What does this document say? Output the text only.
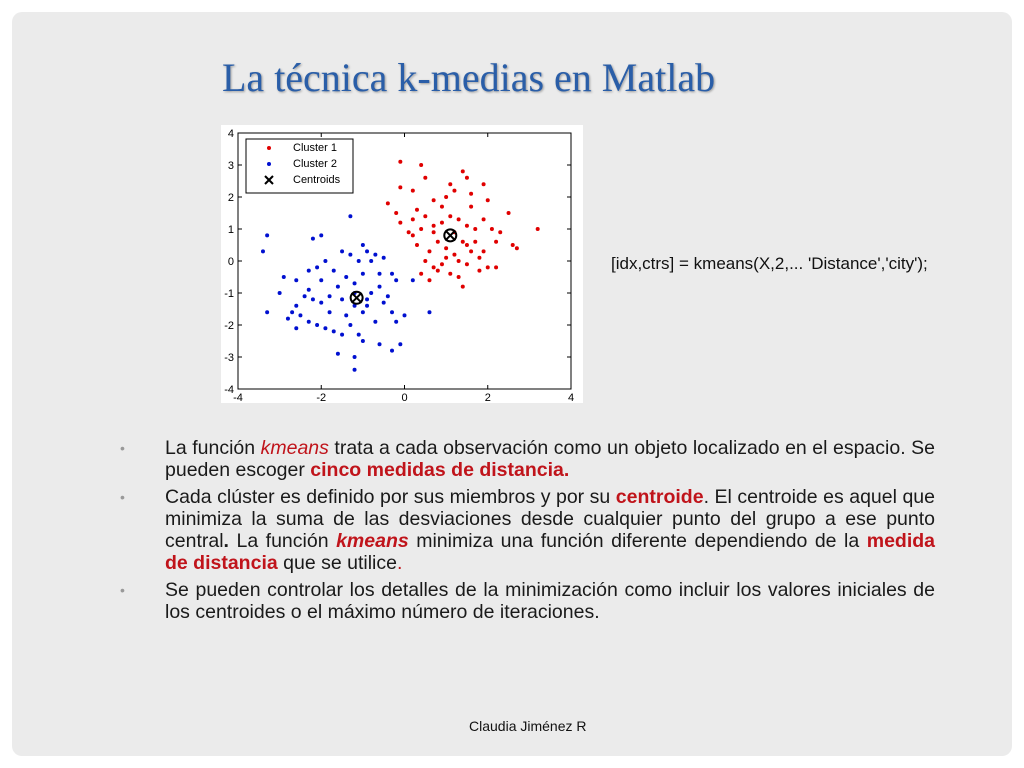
La técnica k-medias en Matlab
-4	-2	0	2	4
4
3
2
1
0
-1
-2
-3
-4
Cluster 1
Cluster 2
Centroids
[idx,ctrs] = kmeans(X,2,... 'Distance','city');
• La función kmeans trata a cada observación como un objeto localizado en el espacio. Se pueden escoger cinco medidas de distancia.
• Cada clúster es definido por sus miembros y por su centroide. El centroide es aquel que minimiza la suma de las desviaciones desde cualquier punto del grupo a ese punto central. La función kmeans minimiza una función diferente dependiendo de la medida de distancia que se utilice.
• Se pueden controlar los detalles de la minimización como incluir los valores iniciales de los centroides o el máximo número de iteraciones.
Claudia Jiménez R
